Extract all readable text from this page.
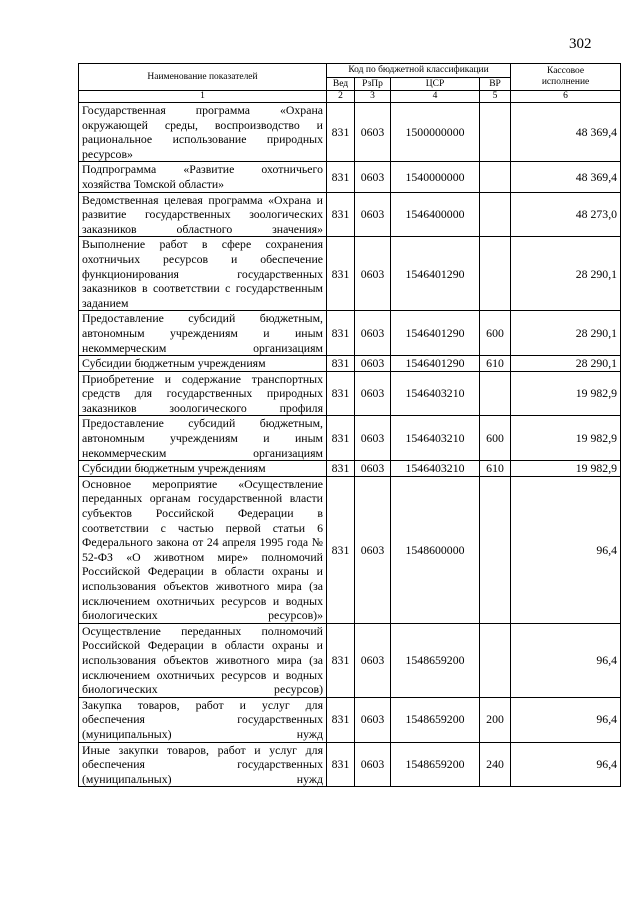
302
Наименование показателей	Код по бюджетной классификации				Кассовое исполнение
	Вед	РзПр	ЦСР	ВР	
1	2	3	4	5	6
Государственная программа «Охрана окружающей среды, воспроизводство и рациональное использование природных ресурсов»	831	0603	1500000000		48 369,4
Подпрограмма «Развитие охотничьего хозяйства Томской области»	831	0603	1540000000		48 369,4
Ведомственная целевая программа «Охрана и развитие государственных зоологических заказников областного значения»	831	0603	1546400000		48 273,0
Выполнение работ в сфере сохранения охотничьих ресурсов и обеспечение функционирования государственных заказников в соответствии с государственным заданием	831	0603	1546401290		28 290,1
Предоставление субсидий бюджетным, автономным учреждениям и иным некоммерческим организациям	831	0603	1546401290	600	28 290,1
Субсидии бюджетным учреждениям	831	0603	1546401290	610	28 290,1
Приобретение и содержание транспортных средств для государственных природных заказников зоологического профиля	831	0603	1546403210		19 982,9
Предоставление субсидий бюджетным, автономным учреждениям и иным некоммерческим организациям	831	0603	1546403210	600	19 982,9
Субсидии бюджетным учреждениям	831	0603	1546403210	610	19 982,9
Основное мероприятие «Осуществление переданных органам государственной власти субъектов Российской Федерации в соответствии с частью первой статьи 6 Федерального закона от 24 апреля 1995 года № 52-ФЗ «О животном мире» полномочий Российской Федерации в области охраны и использования объектов животного мира (за исключением охотничьих ресурсов и водных биологических ресурсов)»	831	0603	1548600000		96,4
Осуществление переданных полномочий Российской Федерации в области охраны и использования объектов животного мира (за исключением охотничьих ресурсов и водных биологических ресурсов)	831	0603	1548659200		96,4
Закупка товаров, работ и услуг для обеспечения государственных (муниципальных) нужд	831	0603	1548659200	200	96,4
Иные закупки товаров, работ и услуг для обеспечения государственных (муниципальных) нужд	831	0603	1548659200	240	96,4
